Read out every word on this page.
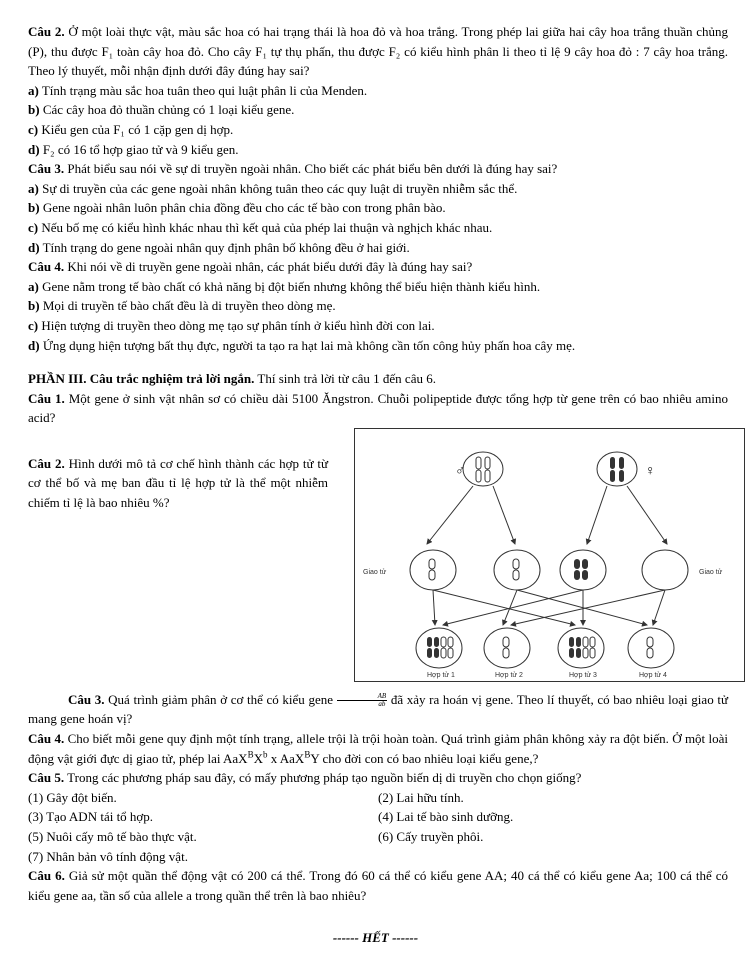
Câu 2. Ở một loài thực vật, màu sắc hoa có hai trạng thái là hoa đỏ và hoa trắng. Trong phép lai giữa hai cây hoa trắng thuần chủng (P), thu được F₁ toàn cây hoa đỏ. Cho cây F₁ tự thụ phấn, thu được F₂ có kiểu hình phân li theo tỉ lệ 9 cây hoa đỏ : 7 cây hoa trắng. Theo lý thuyết, mỗi nhận định dưới đây đúng hay sai?

a) Tính trạng màu sắc hoa tuân theo qui luật phân li của Menden.

b) Các cây hoa đỏ thuần chủng có 1 loại kiểu gene.

c) Kiểu gen của F₁ có 1 cặp gen dị hợp.

d) F₂ có 16 tổ hợp giao tử và 9 kiểu gen.

Câu 3. Phát biểu sau nói về sự di truyền ngoài nhân. Cho biết các phát biểu bên dưới là đúng hay sai?

a) Sự di truyền của các gene ngoài nhân không tuân theo các quy luật di truyền nhiễm sắc thể.

b) Gene ngoài nhân luôn phân chia đồng đều cho các tế bào con trong phân bào.

c) Nếu bố mẹ có kiểu hình khác nhau thì kết quả của phép lai thuận và nghịch khác nhau.

d) Tính trạng do gene ngoài nhân quy định phân bố không đều ở hai giới.

Câu 4. Khi nói về di truyền gene ngoài nhân, các phát biểu dưới đây là đúng hay sai?

a) Gene nằm trong tế bào chất có khả năng bị đột biến nhưng không thể biểu hiện thành kiểu hình.

b) Mọi di truyền tế bào chất đều là di truyền theo dòng mẹ.

c) Hiện tượng di truyền theo dòng mẹ tạo sự phân tính ở kiểu hình đời con lai.

d) Ứng dụng hiện tượng bất thụ đực, người ta tạo ra hạt lai mà không cần tốn công hủy phấn hoa cây mẹ.

PHẦN III. Câu trắc nghiệm trả lời ngắn. Thí sinh trả lời từ câu 1 đến câu 6.

Câu 1. Một gene ở sinh vật nhân sơ có chiều dài 5100 Ăngstron. Chuỗi polipeptide được tổng hợp từ gene trên có bao nhiêu amino acid?

Câu 2. Hình dưới mô tả cơ chế hình thành các hợp tử từ cơ thể bố và mẹ ban đầu tỉ lệ hợp tử là thể một nhiễm chiếm tỉ lệ là bao nhiêu %?

♂	♀
Giao tử	Giao tử
Hợp tử 1	Hợp tử 2	Hợp tử 3	Hợp tử 4

Câu 3. Quá trình giảm phân ở cơ thể có kiểu gene $\frac{AB}{ab}$ đã xảy ra hoán vị gene. Theo lí thuyết, có bao nhiêu loại giao tử mang gene hoán vị?

Câu 4. Cho biết mỗi gene quy định một tính trạng, allele trội là trội hoàn toàn. Quá trình giảm phân không xảy ra đột biến. Ở một loài động vật giới đực dị giao tử, phép lai $AaX^BX^b$ x AaX$^B$Y cho đời con có bao nhiêu loại kiểu gene,?

Câu 5. Trong các phương pháp sau đây, có mấy phương pháp tạo nguồn biến dị di truyền cho chọn giống?

(1) Gây đột biến.	(2) Lai hữu tính.
(3) Tạo ADN tái tổ hợp.	(4) Lai tế bào sinh dưỡng.
(5) Nuôi cấy mô tế bào thực vật.	(6) Cấy truyền phôi.
(7) Nhân bản vô tính động vật.

Câu 6. Giả sử một quần thể động vật có 200 cá thể. Trong đó 60 cá thể có kiểu gene AA; 40 cá thể có kiểu gene Aa; 100 cá thể có kiểu gene aa, tần số của allele a trong quần thể trên là bao nhiêu?

------ HẾT ------
